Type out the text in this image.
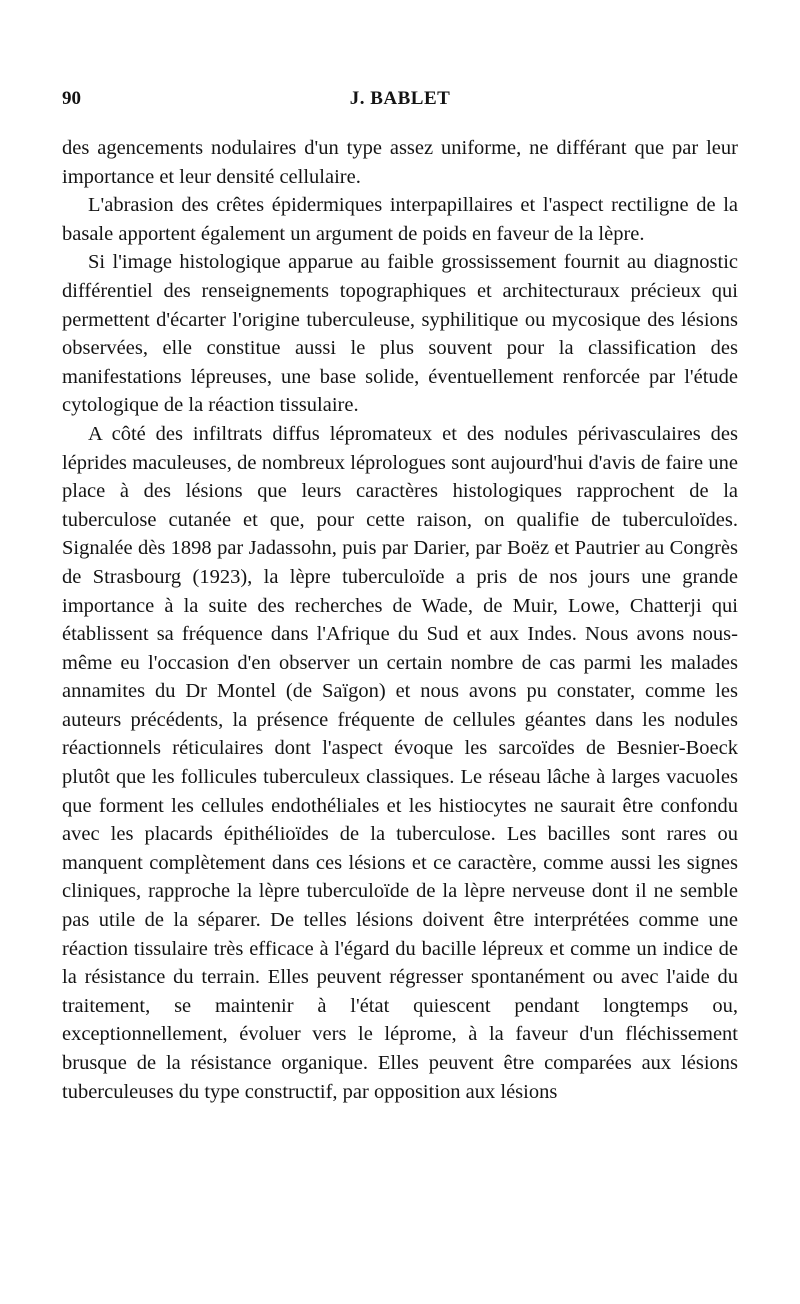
90	J. BABLET

des agencements nodulaires d'un type assez uniforme, ne différant que par leur importance et leur densité cellulaire.

L'abrasion des crêtes épidermiques interpapillaires et l'aspect rectiligne de la basale apportent également un argument de poids en faveur de la lèpre.

Si l'image histologique apparue au faible grossissement fournit au diagnostic différentiel des renseignements topographiques et architecturaux précieux qui permettent d'écarter l'origine tuberculeuse, syphilitique ou mycosique des lésions observées, elle constitue aussi le plus souvent pour la classification des manifestations lépreuses, une base solide, éventuellement renforcée par l'étude cytologique de la réaction tissulaire.

A côté des infiltrats diffus lépromateux et des nodules périvasculaires des léprides maculeuses, de nombreux léprologues sont aujourd'hui d'avis de faire une place à des lésions que leurs caractères histologiques rapprochent de la tuberculose cutanée et que, pour cette raison, on qualifie de tuberculoïdes. Signalée dès 1898 par Jadassohn, puis par Darier, par Boëz et Pautrier au Congrès de Strasbourg (1923), la lèpre tuberculoïde a pris de nos jours une grande importance à la suite des recherches de Wade, de Muir, Lowe, Chatterji qui établissent sa fréquence dans l'Afrique du Sud et aux Indes. Nous avons nous-même eu l'occasion d'en observer un certain nombre de cas parmi les malades annamites du Dr Montel (de Saïgon) et nous avons pu constater, comme les auteurs précédents, la présence fréquente de cellules géantes dans les nodules réactionnels réticulaires dont l'aspect évoque les sarcoïdes de Besnier-Boeck plutôt que les follicules tuberculeux classiques. Le réseau lâche à larges vacuoles que forment les cellules endothéliales et les histiocytes ne saurait être confondu avec les placards épithélioïdes de la tuberculose. Les bacilles sont rares ou manquent complètement dans ces lésions et ce caractère, comme aussi les signes cliniques, rapproche la lèpre tuberculoïde de la lèpre nerveuse dont il ne semble pas utile de la séparer. De telles lésions doivent être interprétées comme une réaction tissulaire très efficace à l'égard du bacille lépreux et comme un indice de la résistance du terrain. Elles peuvent régresser spontanément ou avec l'aide du traitement, se maintenir à l'état quiescent pendant longtemps ou, exceptionnellement, évoluer vers le léprome, à la faveur d'un fléchissement brusque de la résistance organique. Elles peuvent être comparées aux lésions tuberculeuses du type constructif, par opposition aux lésions
